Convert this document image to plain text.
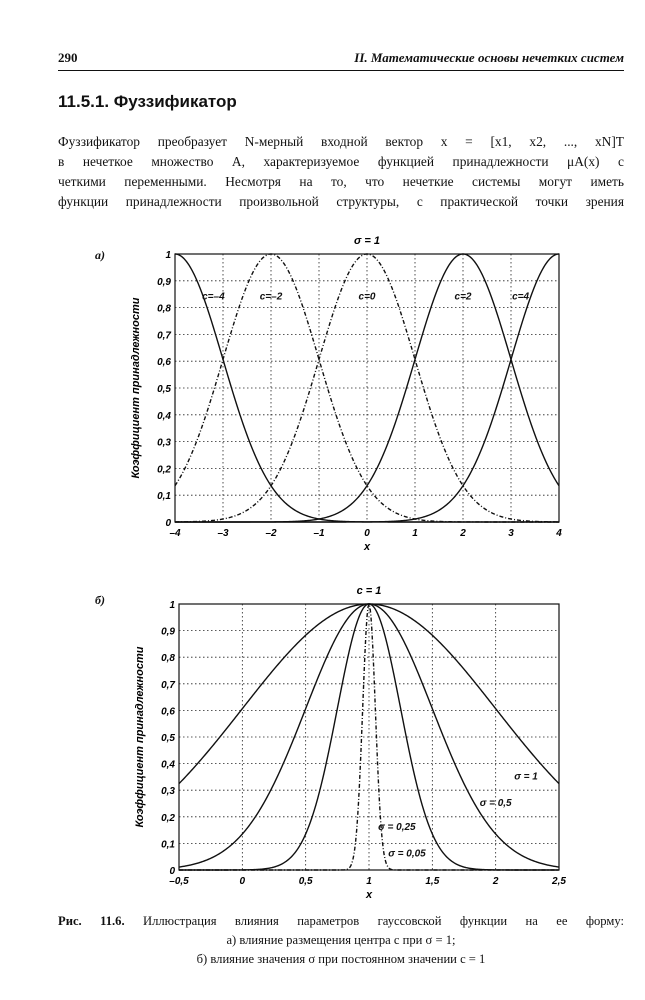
290	II. Математические основы нечетких систем
11.5.1. Фуззификатор
Фуззификатор преобразует N-мерный входной вектор x = [x1, x2, ..., xN]T
в нечеткое множество A, характеризуемое функцией принадлежности μA(x) с
четкими переменными. Несмотря на то, что нечеткие системы могут иметь
функции принадлежности произвольной структуры, с практической точки зрения
а)
–4	–3	–2	–1	0	1	2	3	4
0
0,1
0,2
0,3
0,4
0,5
0,6
0,7
0,8
0,9
1
σ = 1
x
Коэффициент принадлежности
c=–4	c=–2	c=0	c=2	c=4
б)
–0,5	0	0,5	1	1,5	2	2,5
0
0,1
0,2
0,3
0,4
0,5
0,6
0,7
0,8
0,9
1
c = 1
x
Коэффициент принадлежности	σ = 1
σ = 0,5
σ = 0,25
σ = 0,05
Рис. 11.6. Иллюстрация влияния параметров гауссовской функции на ее форму:
а) влияние размещения центра c при σ = 1;
б) влияние значения σ при постоянном значении c = 1
